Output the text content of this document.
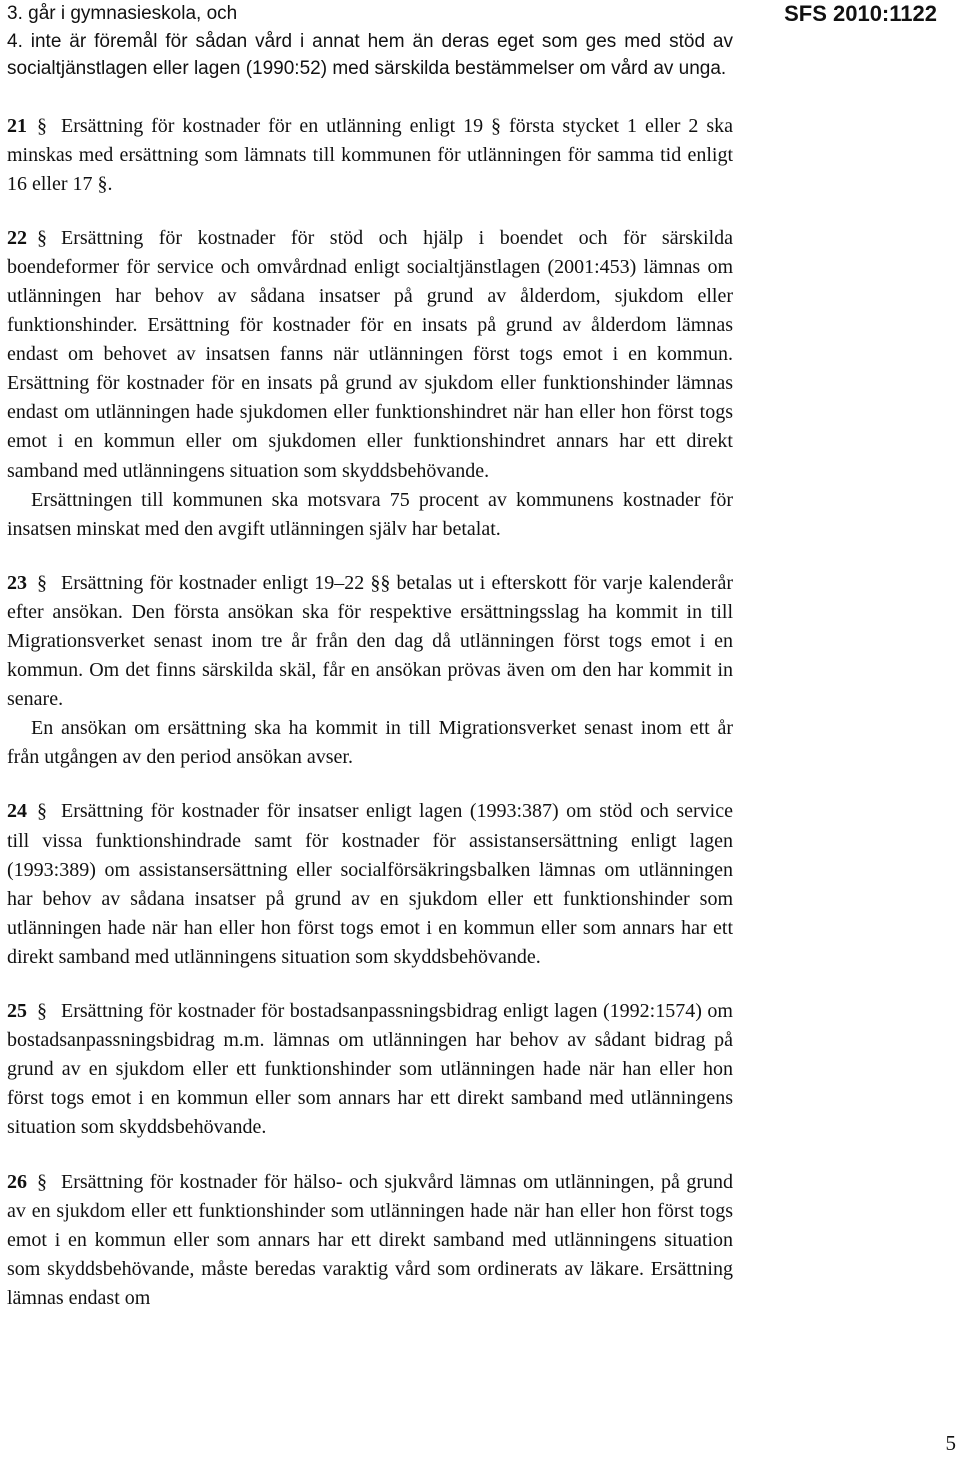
SFS 2010:1122

3. går i gymnasieskola, och

4. inte är föremål för sådan vård i annat hem än deras eget som ges med stöd av socialtjänstlagen eller lagen (1990:52) med särskilda bestämmelser om vård av unga.

21 § Ersättning för kostnader för en utlänning enligt 19 § första stycket 1 eller 2 ska minskas med ersättning som lämnats till kommunen för utlänningen för samma tid enligt 16 eller 17 §.

22 § Ersättning för kostnader för stöd och hjälp i boendet och för särskilda boendeformer för service och omvårdnad enligt socialtjänstlagen (2001:453) lämnas om utlänningen har behov av sådana insatser på grund av ålderdom, sjukdom eller funktionshinder. Ersättning för kostnader för en insats på grund av ålderdom lämnas endast om behovet av insatsen fanns när utlänningen först togs emot i en kommun. Ersättning för kostnader för en insats på grund av sjukdom eller funktionshinder lämnas endast om utlänningen hade sjukdomen eller funktionshindret när han eller hon först togs emot i en kommun eller om sjukdomen eller funktionshindret annars har ett direkt samband med utlänningens situation som skyddsbehövande.

Ersättningen till kommunen ska motsvara 75 procent av kommunens kostnader för insatsen minskat med den avgift utlänningen själv har betalat.

23 § Ersättning för kostnader enligt 19–22 §§ betalas ut i efterskott för varje kalenderår efter ansökan. Den första ansökan ska för respektive ersättningsslag ha kommit in till Migrationsverket senast inom tre år från den dag då utlänningen först togs emot i en kommun. Om det finns särskilda skäl, får en ansökan prövas även om den har kommit in senare.

En ansökan om ersättning ska ha kommit in till Migrationsverket senast inom ett år från utgången av den period ansökan avser.

24 § Ersättning för kostnader för insatser enligt lagen (1993:387) om stöd och service till vissa funktionshindrade samt för kostnader för assistansersättning enligt lagen (1993:389) om assistansersättning eller socialförsäkringsbalken lämnas om utlänningen har behov av sådana insatser på grund av en sjukdom eller ett funktionshinder som utlänningen hade när han eller hon först togs emot i en kommun eller som annars har ett direkt samband med utlänningens situation som skyddsbehövande.

25 § Ersättning för kostnader för bostadsanpassningsbidrag enligt lagen (1992:1574) om bostadsanpassningsbidrag m.m. lämnas om utlänningen har behov av sådant bidrag på grund av en sjukdom eller ett funktionshinder som utlänningen hade när han eller hon först togs emot i en kommun eller som annars har ett direkt samband med utlänningens situation som skyddsbehövande.

26 § Ersättning för kostnader för hälso- och sjukvård lämnas om utlänningen, på grund av en sjukdom eller ett funktionshinder som utlänningen hade när han eller hon först togs emot i en kommun eller som annars har ett direkt samband med utlänningens situation som skyddsbehövande, måste beredas varaktig vård som ordinerats av läkare. Ersättning lämnas endast om

5
